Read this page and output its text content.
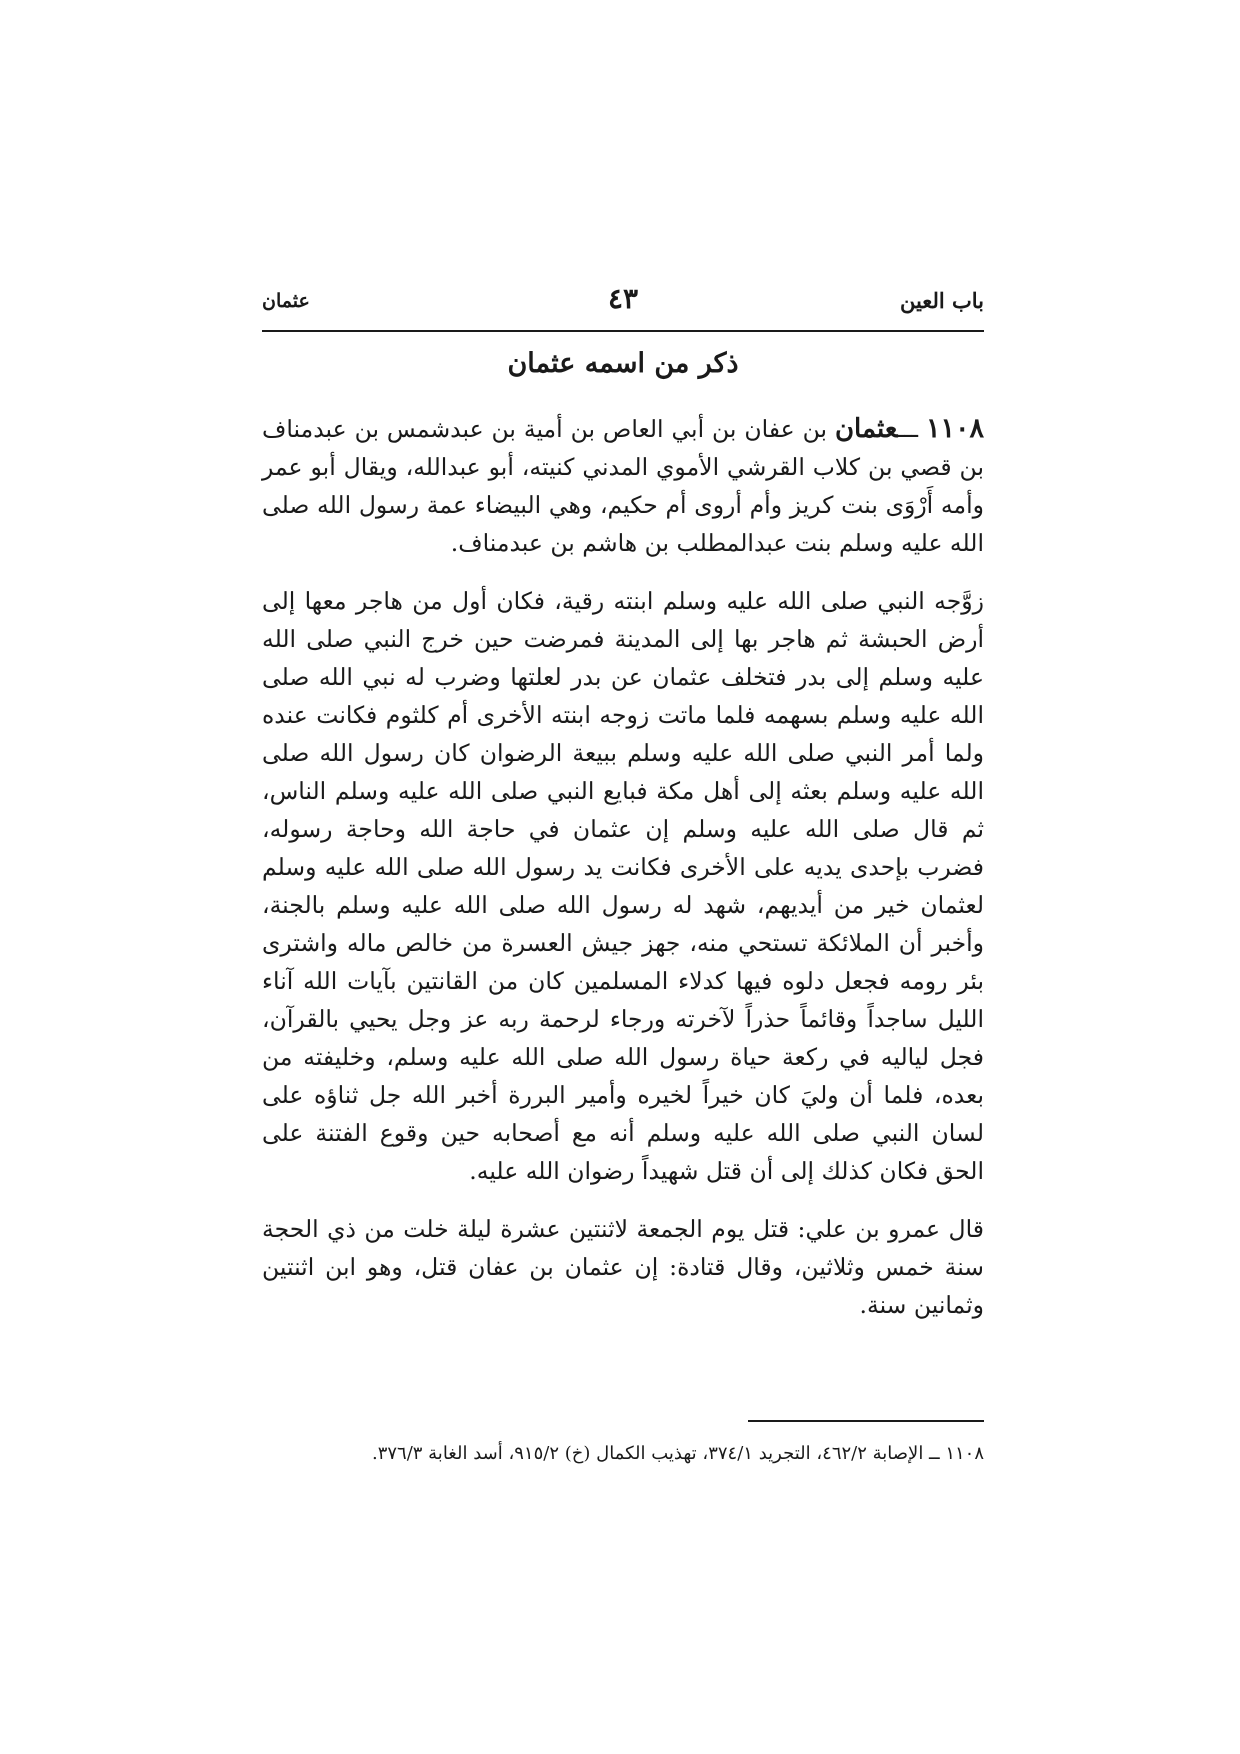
باب العين
٤٣
عثمان
ذكر من اسمه عثمان

١١٠٨ ـــعثمان بن عفان بن أبي العاص بن أمية بن عبدشمس بن عبدمناف بن قصي بن كلاب القرشي الأموي المدني كنيته، أبو عبدالله، ويقال أبو عمر وأمه أَرْوَى بنت كريز وأم أروى أم حكيم، وهي البيضاء عمة رسول الله صلى الله عليه وسلم بنت عبدالمطلب بن هاشم بن عبدمناف.

زوَّجه النبي صلى الله عليه وسلم ابنته رقية، فكان أول من هاجر معها إلى أرض الحبشة ثم هاجر بها إلى المدينة فمرضت حين خرج النبي صلى الله عليه وسلم إلى بدر فتخلف عثمان عن بدر لعلتها وضرب له نبي الله صلى الله عليه وسلم بسهمه فلما ماتت زوجه ابنته الأخرى أم كلثوم فكانت عنده ولما أمر النبي صلى الله عليه وسلم ببيعة الرضوان كان رسول الله صلى الله عليه وسلم بعثه إلى أهل مكة فبايع النبي صلى الله عليه وسلم الناس، ثم قال صلى الله عليه وسلم إن عثمان في حاجة الله وحاجة رسوله، فضرب بإحدى يديه على الأخرى فكانت يد رسول الله صلى الله عليه وسلم لعثمان خير من أيديهم، شهد له رسول الله صلى الله عليه وسلم بالجنة، وأخبر أن الملائكة تستحي منه، جهز جيش العسرة من خالص ماله واشترى بئر رومه فجعل دلوه فيها كدلاء المسلمين كان من القانتين بآيات الله آناء الليل ساجداً وقائماً حذراً لآخرته ورجاء لرحمة ربه عز وجل يحيي بالقرآن، فجل لياليه في ركعة حياة رسول الله صلى الله عليه وسلم، وخليفته من بعده، فلما أن وليَ كان خيراً لخيره وأمير البررة أخبر الله جل ثناؤه على لسان النبي صلى الله عليه وسلم أنه مع أصحابه حين وقوع الفتنة على الحق فكان كذلك إلى أن قتل شهيداً رضوان الله عليه.

قال عمرو بن علي: قتل يوم الجمعة لاثنتين عشرة ليلة خلت من ذي الحجة سنة خمس وثلاثين، وقال قتادة: إن عثمان بن عفان قتل، وهو ابن اثنتين وثمانين سنة.

١١٠٨ ــ الإصابة ٤٦٢/٢، التجريد ٣٧٤/١، تهذيب الكمال (خ) ٩١٥/٢، أسد الغابة ٣٧٦/٣.
